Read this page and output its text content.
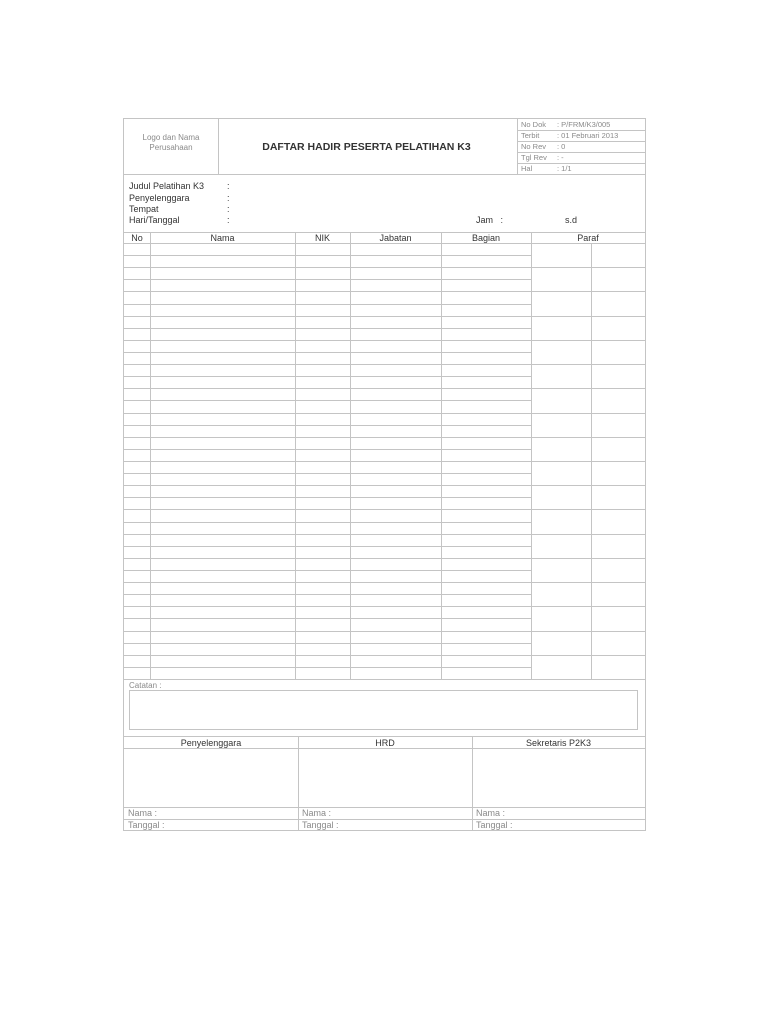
Logo dan Nama Perusahaan	DAFTAR HADIR PESERTA PELATIHAN K3
No Dok : P/FRM/K3/005
Terbit : 01 Februari 2013
No Rev : 0
Tgl Rev : -
Hal	: 1/1
Judul Pelatihan K3	:
Penyelenggara	:
Tempat	:
Hari/Tanggal	:	Jam :	s.d
No	Nama	NIK	Jabatan	Bagian	Paraf
Catatan :
Penyelenggara	HRD	Sekretaris P2K3
Nama :	Nama :	Nama :
Tanggal :	Tanggal :	Tanggal :
